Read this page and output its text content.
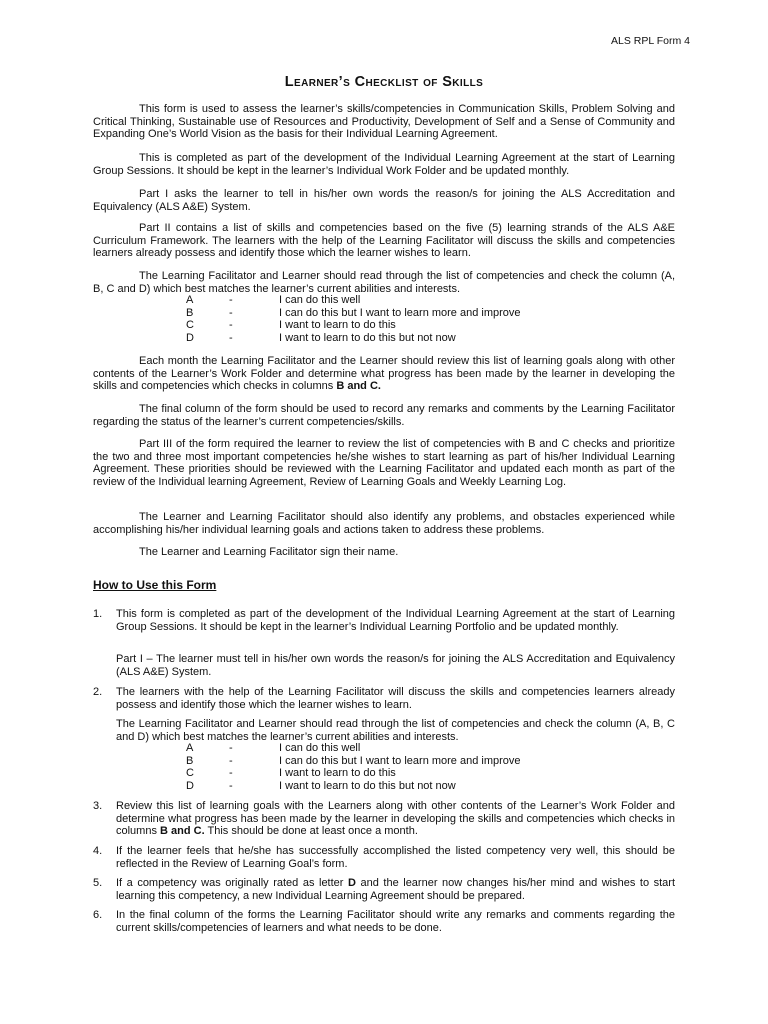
ALS RPL Form 4
Learner’s Checklist of Skills
This form is used to assess the learner’s skills/competencies in Communication Skills, Problem Solving and Critical Thinking, Sustainable use of Resources and Productivity, Development of Self and a Sense of Community and Expanding One’s World Vision as the basis for their Individual Learning Agreement.
This is completed as part of the development of the Individual Learning Agreement at the start of Learning Group Sessions. It should be kept in the learner’s Individual Work Folder and be updated monthly.
Part I asks the learner to tell in his/her own words the reason/s for joining the ALS Accreditation and Equivalency (ALS A&E) System.
Part II contains a list of skills and competencies based on the five (5) learning strands of the ALS A&E Curriculum Framework. The learners with the help of the Learning Facilitator will discuss the skills and competencies learners already possess and identify those which the learner wishes to learn.
The Learning Facilitator and Learner should read through the list of competencies and check the column (A, B, C and D) which best matches the learner’s current abilities and interests.
A	-	I can do this well
B	-	I can do this but I want to learn more and improve
C	-	I want to learn to do this
D	-	I want to learn to do this but not now
Each month the Learning Facilitator and the Learner should review this list of learning goals along with other contents of the Learner’s Work Folder and determine what progress has been made by the learner in developing the skills and competencies which checks in columns B and C.
The final column of the form should be used to record any remarks and comments by the Learning Facilitator regarding the status of the learner’s current competencies/skills.
Part III of the form required the learner to review the list of competencies with B and C checks and prioritize the two and three most important competencies he/she wishes to start learning as part of his/her Individual Learning Agreement. These priorities should be reviewed with the Learning Facilitator and updated each month as part of the review of the Individual learning Agreement, Review of Learning Goals and Weekly Learning Log.
The Learner and Learning Facilitator should also identify any problems, and obstacles experienced while accomplishing his/her individual learning goals and actions taken to address these problems.
The Learner and Learning Facilitator sign their name.
How to Use this Form
1.	This form is completed as part of the development of the Individual Learning Agreement at the start of Learning Group Sessions. It should be kept in the learner’s Individual Learning Portfolio and be updated monthly.
Part I – The learner must tell in his/her own words the reason/s for joining the ALS Accreditation and Equivalency (ALS A&E) System.
2.	The learners with the help of the Learning Facilitator will discuss the skills and competencies learners already possess and identify those which the learner wishes to learn.
The Learning Facilitator and Learner should read through the list of competencies and check the column (A, B, C and D) which best matches the learner’s current abilities and interests.
A	-	I can do this well
B	-	I can do this but I want to learn more and improve
C	-	I want to learn to do this
D	-	I want to learn to do this but not now
3.	Review this list of learning goals with the Learners along with other contents of the Learner’s Work Folder and determine what progress has been made by the learner in developing the skills and competencies which checks in columns B and C. This should be done at least once a month.
4.	If the learner feels that he/she has successfully accomplished the listed competency very well, this should be reflected in the Review of Learning Goal’s form.
5.	If a competency was originally rated as letter D and the learner now changes his/her mind and wishes to start learning this competency, a new Individual Learning Agreement should be prepared.
6.	In the final column of the forms the Learning Facilitator should write any remarks and comments regarding the current skills/competencies of learners and what needs to be done.
